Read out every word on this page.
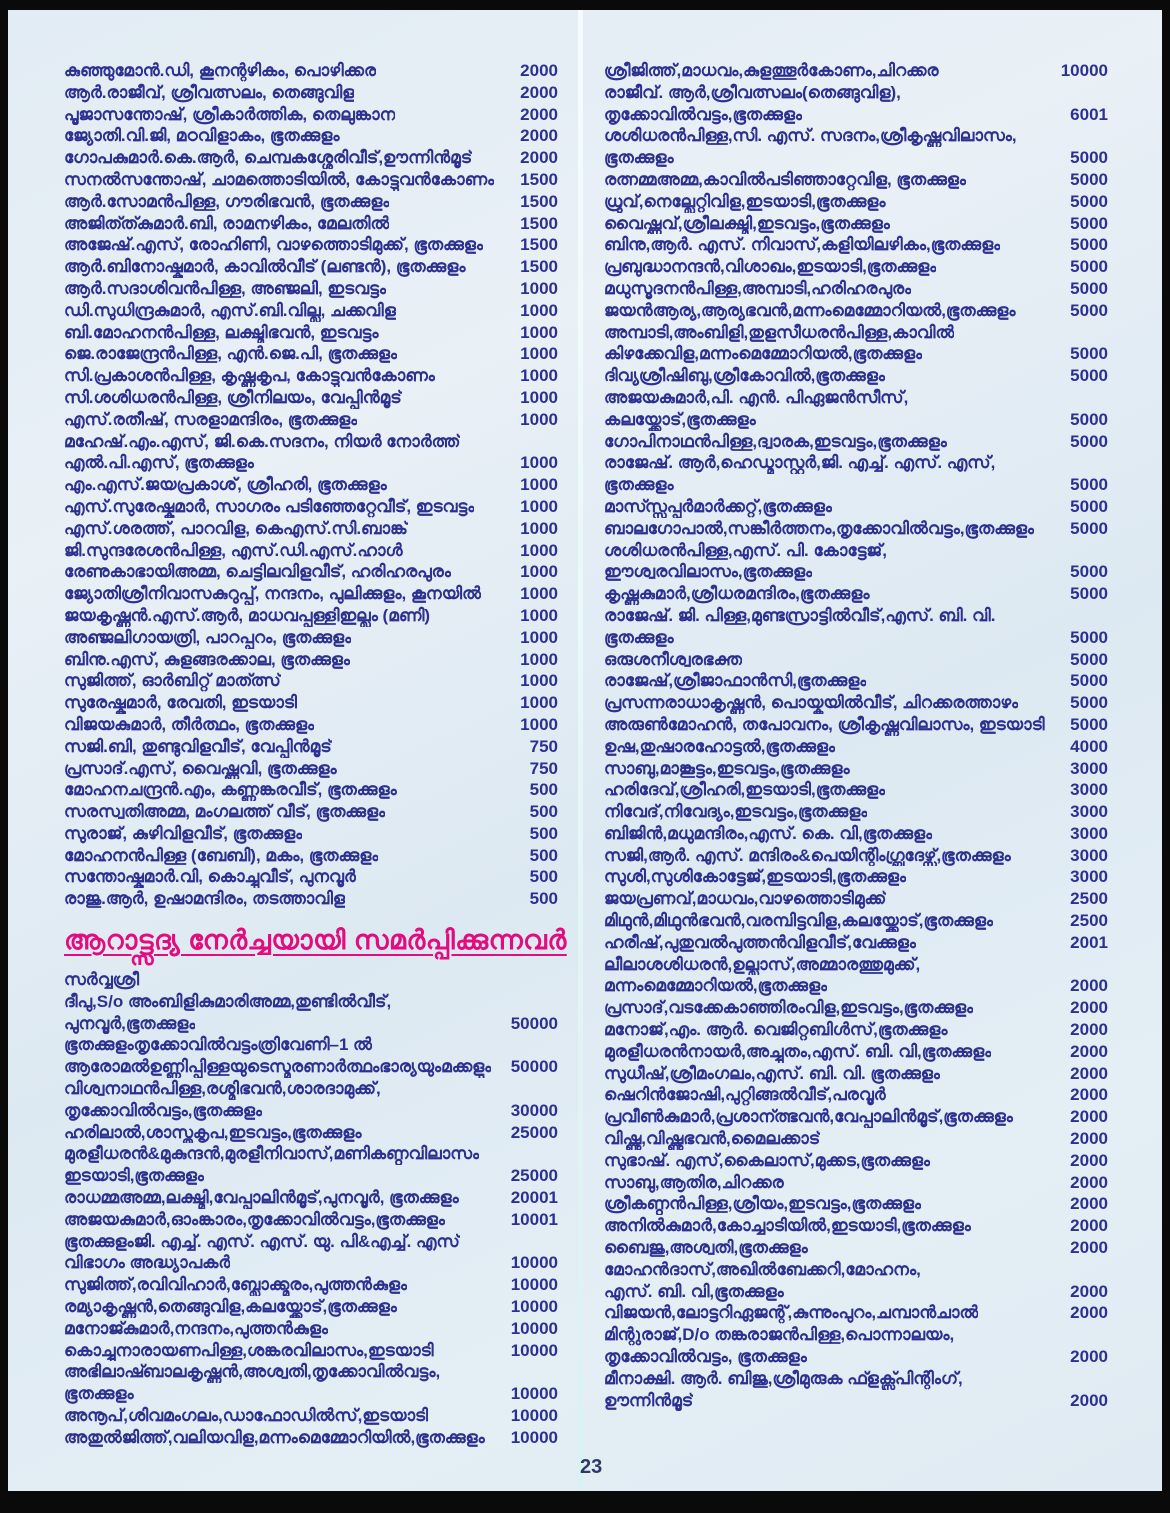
കുഞ്ഞുമോൻ.ഡി, കൂനന്റഴികം, പൊഴിക്കര	2000
ആർ.രാജീവ്, ശ്രീവത്സലം, തെങ്ങുവിള	2000
പൂജാസന്തോഷ്, ശ്രീകാർത്തിക, തെലുങ്കാന	2000
ജ്യോതി.വി.ജി, മഠവിളാകം, ഭൂതക്കുളം	2000
ഗോപകുമാർ.കെ.ആർ, ചെമ്പകശ്ശേരിവീട്,ഊന്നിൻമൂട്	2000
സനൽസന്തോഷ്, ചാമത്തൊടിയിൽ, കോട്ടുവൻകോണം	1500
ആർ.സോമൻപിള്ള, ഗൗരിഭവൻ, ഭൂതക്കുളം	1500
അജിത്ത്കുമാർ.ബി, രാമനഴികം, മേലതിൽ	1500
അജേഷ്.എസ്, രോഹിണി, വാഴത്തൊടിമുക്ക്, ഭൂതക്കുളം	1500
ആർ.ബിനോഷ്കുമാർ, കാവിൽവീട് (ലണ്ടൻ), ഭൂതക്കുളം	1500
ആർ.സദാശിവൻപിള്ള, അഞ്ജലി, ഇടവട്ടം	1000
ഡി.സുധിന്ദ്രകുമാർ, എസ്.ബി.വില്ല, ചക്കവിള	1000
ബി.മോഹനൻപിള്ള, ലക്ഷ്മിഭവൻ, ഇടവട്ടം	1000
ജെ.രാജേന്ദ്രൻപിള്ള, എൻ.ജെ.പി, ഭൂതക്കുളം	1000
സി.പ്രകാശൻപിള്ള, കൃഷ്ണകൃപ, കോട്ടുവൻകോണം	1000
സി.ശശിധരൻപിള്ള, ശ്രീനിലയം, വേപ്പിൻമൂട്	1000
എസ്.രതീഷ്, സരളാമന്ദിരം, ഭൂതക്കുളം	1000
മഹേഷ്.എം.എസ്, ജി.കെ.സദനം, നിയർ നോർത്ത്
എൽ.പി.എസ്, ഭൂതക്കുളം	1000
എം.എസ്.ജയപ്രകാശ്, ശ്രീഹരി, ഭൂതക്കുളം	1000
എസ്.സുരേഷ്കുമാർ, സാഗരം പടിഞ്ഞേറ്റേവീട്, ഇടവട്ടം	1000
എസ്.ശരത്ത്, പാറവിള, കെഎസ്.സി.ബാങ്ക്	1000
ജി.സുന്ദരേശൻപിള്ള, എസ്.ഡി.എസ്.ഹാൾ	1000
രേണുകാഭായിഅമ്മ, ചെട്ടിലവിളവീട്, ഹരിഹരപുരം	1000
ജ്യോതിശ്രീനിവാസകുറുപ്പ്, നന്ദനം, പുലിക്കുളം, കൂനയിൽ	1000
ജയകൃഷ്ണൻ.എസ്.ആർ, മാധവപ്പള്ളിഇല്ലം (മണി)	1000
അഞ്ജലിഗായത്രി, പാറപ്പുറം, ഭൂതക്കുളം	1000
ബിനു.എസ്, കുളങ്ങരക്കാല, ഭൂതക്കുളം	1000
സുജിത്ത്, ഓർബിറ്റ് മാത്ത്സ്	1000
സുരേഷ്കുമാർ, രേവതി, ഇടയാടി	1000
വിജയകുമാർ, തീർത്ഥം, ഭൂതക്കുളം	1000
സജി.ബി, തുണ്ടുവിളവീട്, വേപ്പിൻമൂട്	750
പ്രസാദ്.എസ്, വൈഷ്ണവി, ഭൂതക്കുളം	750
മോഹനചന്ദ്രൻ.എം, കണ്ണങ്കരവീട്, ഭൂതക്കുളം	500
സരസ്വതിഅമ്മ, മംഗലത്ത് വീട്, ഭൂതക്കുളം	500
സുരാജ്, കുഴിവിളവീട്, ഭൂതക്കുളം	500
മോഹനൻപിള്ള (ബേബി), മകം, ഭൂതക്കുളം	500
സന്തോഷ്കുമാർ.വി, കൊച്ചുവീട്, പുനവൂർ	500
രാജു.ആർ, ഉഷാമന്ദിരം, തടത്താവിള	500
ആറാട്ട്സദ്യ നേർച്ചയായി സമർപ്പിക്കുന്നവർ
സർവ്വശ്രീ
ദീപു,S/o അംബിളികുമാരിഅമ്മ,തുണ്ടിൽവീട്,
പുനവൂർ,ഭൂതക്കുളം	50000
ഭൂതക്കുളംതൃക്കോവിൽവട്ടംത്രിവേണി–1 ൽ
ആരോമൽഉണ്ണിപ്പിള്ളയുടെസ്മരണാർത്ഥംഭാര്യയുംമക്കളും	50000
വിശ്വനാഥൻപിള്ള,രശ്മിഭവൻ,ശാരദാമുക്ക്,
തൃക്കോവിൽവട്ടം,ഭൂതക്കുളം	30000
ഹരിലാൽ,ശാസ്തകൃപ,ഇടവട്ടം,ഭൂതക്കുളം	25000
മുരളീധരൻ&മുകുന്ദൻ,മുരളീനിവാസ്,മണികണ്ഠവിലാസം
ഇടയാടി,ഭൂതക്കുളം	25000
രാധമ്മഅമ്മ,ലക്ഷ്മി,വേപ്പാലിൻമൂട്,പുനവൂർ, ഭൂതക്കുളം	20001
അജയകുമാർ,ഓംങ്കാരം,തൃക്കോവിൽവട്ടം,ഭൂതക്കുളം	10001
ഭൂതക്കുളംജി. എച്ച്. എസ്. എസ്. യു. പി&എച്ച്. എസ്
വിഭാഗം അദ്ധ്യാപകർ	10000
സുജിത്ത്,രവിവിഹാർ,ബ്ലോക്ക്മരം,പുത്തൻകുളം	10000
രമ്യാകൃഷ്ണൻ,തെങ്ങുവിള,കലയ്ക്കോട്,ഭൂതക്കുളം	10000
മനോജ്കുമാർ,നന്ദനം,പുത്തൻകുളം	10000
കൊച്ചുനാരായണപിള്ള,ശങ്കരവിലാസം,ഇടയാടി	10000
അഭിലാഷ്ബാലകൃഷ്ണൻ,അശ്വതി,തൃക്കോവിൽവട്ടം,
ഭൂതക്കുളം	10000
അനൂപ്,ശിവമംഗലം,ഡാഫോഡിൽസ്,ഇടയാടി	10000
അതുൽജിത്ത്,വലിയവിള,മന്നംമെമ്മോറിയിൽ,ഭൂതക്കുളം	10000
ശ്രീജിത്ത്,മാധവം,കുളത്തൂർകോണം,ചിറക്കര	10000
രാജീവ്. ആർ,ശ്രീവത്സലം(തെങ്ങുവിള),
തൃക്കോവിൽവട്ടം,ഭൂതക്കുളം	6001
ശശിധരൻപിള്ള,സി. എസ്. സദനം,ശ്രീകൃഷ്ണവിലാസം,
ഭൂതക്കുളം	5000
രത്നമ്മഅമ്മ,കാവിൽപടിഞ്ഞാറ്റേവിള, ഭൂതക്കുളം	5000
ധ്രുവ്,നെല്ലേറ്റിവിള,ഇടയാടി,ഭൂതക്കുളം	5000
വൈഷ്ണവ്,ശ്രീലക്ഷ്മി,ഇടവട്ടം,ഭൂതക്കുളം	5000
ബിനു,ആർ. എസ്. നിവാസ്,കളിയിലഴികം,ഭൂതക്കുളം	5000
പ്രബുദ്ധാനന്ദൻ,വിശാഖം,ഇടയാടി,ഭൂതക്കുളം	5000
മധുസൂദനൻപിള്ള,അമ്പാടി,ഹരിഹരപുരം	5000
ജയൻആര്യ,ആര്യഭവൻ,മന്നംമെമ്മോറിയൽ,ഭൂതക്കുളം	5000
അമ്പാടി,അംബിളി,തുളസീധരൻപിള്ള,കാവിൽ
കിഴക്കേവിള,മന്നംമെമ്മോറിയൽ,ഭൂതക്കുളം	5000
ദിവ്യശ്രീഷിബു,ശ്രീകോവിൽ,ഭൂതക്കുളം	5000
അജയകുമാർ,പി. എൻ. പിഏജൻസീസ്,
കലയ്ക്കോട്,ഭൂതക്കുളം	5000
ഗോപിനാഥൻപിള്ള,ദ്വാരക,ഇടവട്ടം,ഭൂതക്കുളം	5000
രാജേഷ്. ആർ,ഹെഡ്മാസ്റ്റർ,ജി. എച്ച്. എസ്. എസ്,
ഭൂതക്കുളം	5000
മാസ്സ്സൂപ്പർമാർക്കറ്റ്,ഭൂതക്കുളം	5000
ബാലഗോപാൽ,സങ്കീർത്തനം,തൃക്കോവിൽവട്ടം,ഭൂതക്കുളം	5000
ശശിധരൻപിള്ള,എസ്. പി. കോട്ടേജ്,
ഈശ്വരവിലാസം,ഭൂതക്കുളം	5000
കൃഷ്ണകുമാർ,ശ്രീധരമന്ദിരം,ഭൂതക്കുളം	5000
രാജേഷ്. ജി. പിള്ള,മുണ്ടസ്രാട്ടിൽവീട്,എസ്. ബി. വി.
ഭൂതക്കുളം	5000
ഒരുശനീശ്വരഭക്ത	5000
രാജേഷ്,ശ്രീജാഫാൻസി,ഭൂതക്കുളം	5000
പ്രസന്നരാധാകൃഷ്ണൻ, പൊയ്കയിൽവീട്, ചിറക്കരത്താഴം	5000
അരുൺമോഹൻ, തപോവനം, ശ്രീകൃഷ്ണവിലാസം, ഇടയാടി	5000
ഉഷ,തുഷാരഹോട്ടൽ,ഭൂതക്കുളം	4000
സാബു,മാങ്കൂട്ടം,ഇടവട്ടം,ഭൂതക്കുളം	3000
ഹരിദേവ്,ശ്രീഹരി,ഇടയാടി,ഭൂതക്കുളം	3000
നിവേദ്,നിവേദ്യം,ഇടവട്ടം,ഭൂതക്കുളം	3000
ബിജിൻ,മധുമന്ദിരം,എസ്. കെ. വി,ഭൂതക്കുളം	3000
സജി,ആർ. എസ്. മന്ദിരം&പെയിന്റിംഗ്ബ്രദേഴ്സ്,ഭൂതക്കുളം	3000
സുശി,സുശികോട്ടേജ്,ഇടയാടി,ഭൂതക്കുളം	3000
ജയപ്രണവ്,മാധവം,വാഴത്തൊടിമുക്ക്	2500
മിഥുൻ,മിഥുൻഭവൻ,വരമ്പിട്ടവിള,കലയ്ക്കോട്,ഭൂതക്കുളം	2500
ഹരീഷ്,പുതുവൽപുത്തൻവിളവീട്,വേക്കുളം	2001
ലീലാശശിധരൻ,ഉല്ലാസ്,അമ്മാരത്തുമുക്ക്,
മന്നംമെമ്മോറിയൽ,ഭൂതക്കുളം	2000
പ്രസാദ്,വടക്കേകാഞ്ഞിരംവിള,ഇടവട്ടം,ഭൂതക്കുളം	2000
മനോജ്,എം. ആർ. വെജിറ്റബിൾസ്,ഭൂതക്കുളം	2000
മുരളീധരൻനായർ,അച്ചുതം,എസ്. ബി. വി,ഭൂതക്കുളം	2000
സുധീഷ്,ശ്രീമംഗലം,എസ്. ബി. വി. ഭൂതക്കുളം	2000
ഷെറിൻജോഷി,പുറ്റിങ്ങൽവീട്,പരവൂർ	2000
പ്രവീൺകുമാർ,പ്രശാന്ത്ഭവൻ,വേപ്പാലിൻമൂട്,ഭൂതക്കുളം	2000
വിഷ്ണു,വിഷ്ണുഭവൻ,മൈലക്കാട്	2000
സുഭാഷ്. എസ്,കൈലാസ്,മുക്കട,ഭൂതക്കുളം	2000
സാബു,ആതിര,ചിറക്കര	2000
ശ്രീകണ്ഠൻപിള്ള,ശ്രീയം,ഇടവട്ടം,ഭൂതക്കുളം	2000
അനിൽകുമാർ,കോച്ചാടിയിൽ,ഇടയാടി,ഭൂതക്കുളം	2000
ബൈജു,അശ്വതി,ഭൂതക്കുളം	2000
മോഹൻദാസ്,അഖിൽബേക്കറി,മോഹനം,
എസ്. ബി. വി,ഭൂതക്കുളം	2000
വിജയൻ,ലോട്ടറിഏജന്റ്,കുന്നുംപുറം,ചമ്പാൻചാൽ	2000
മിന്റുരാജ്,D/o തങ്കരാജൻപിള്ള,പൊന്നാലയം,
തൃക്കോവിൽവട്ടം, ഭൂതക്കുളം	2000
മീനാക്ഷി. ആർ. ബിജു,ശ്രീമുരുക ഫ്ളക്സ്പ്രിന്റിംഗ്,
ഊന്നിൻമൂട്	2000
23
